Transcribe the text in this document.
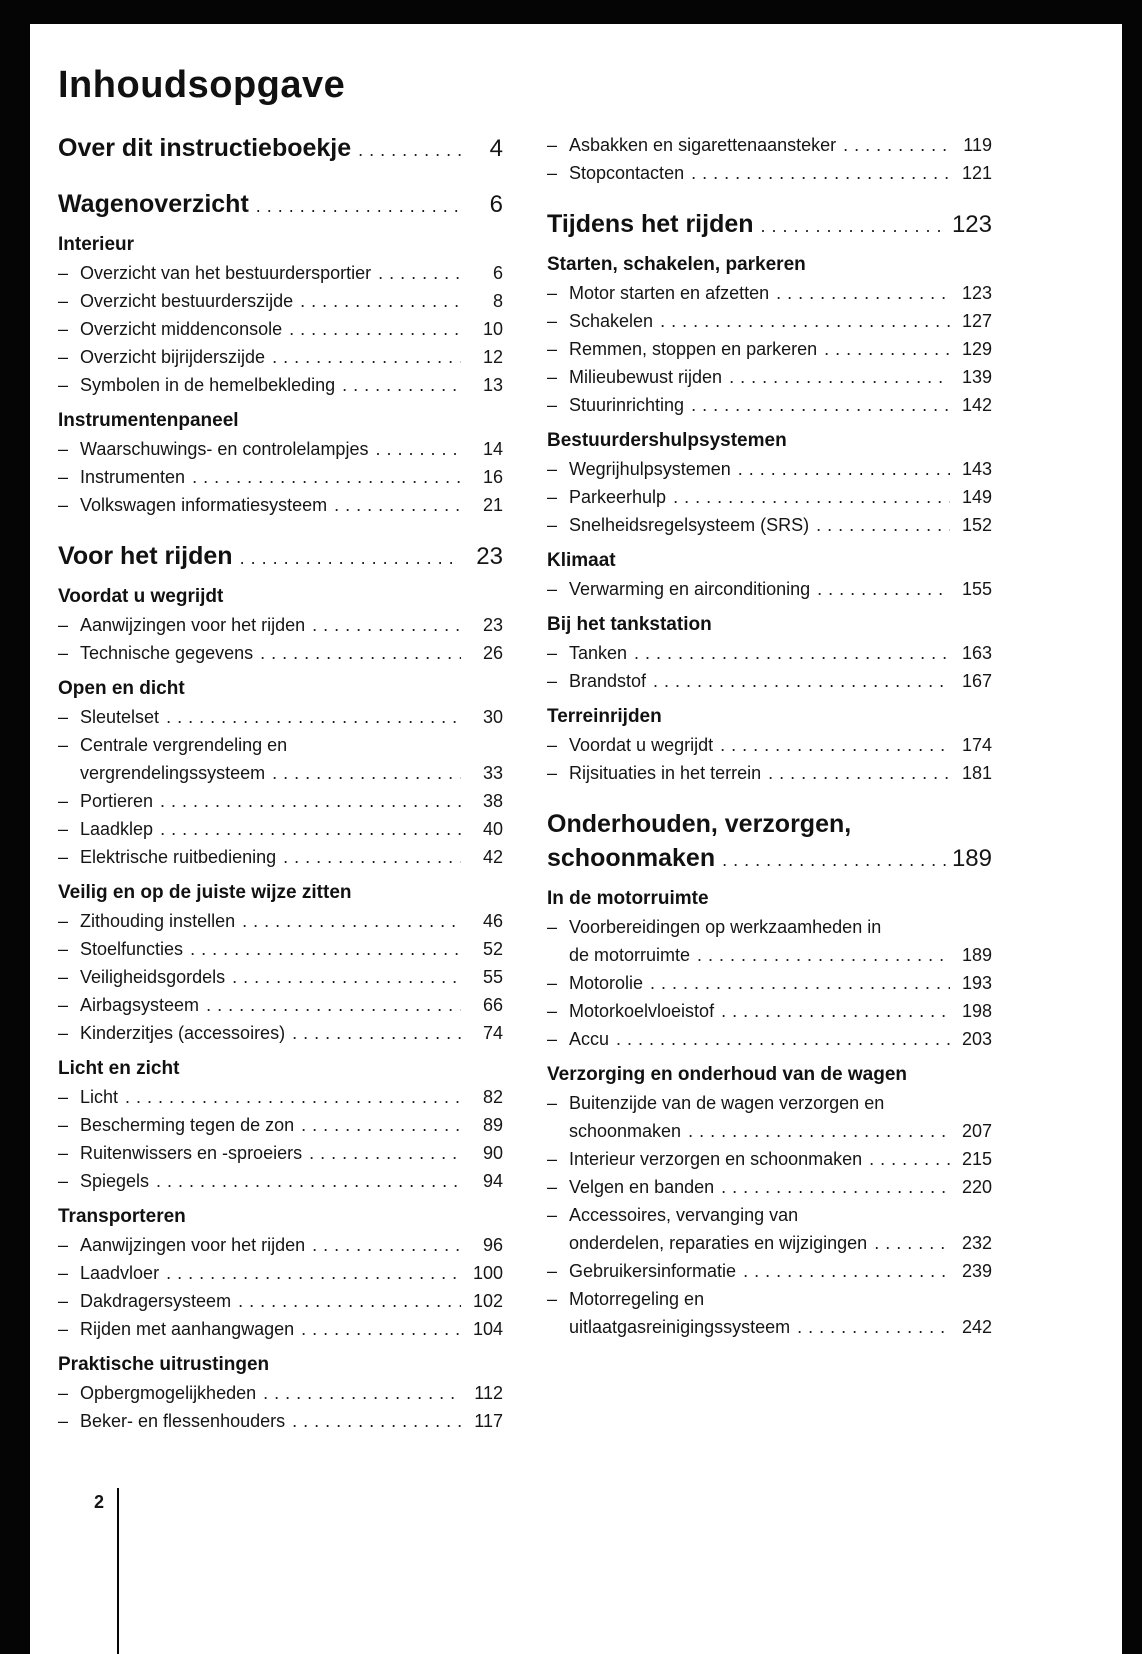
Inhoudsopgave
Over dit instructieboekje .....	4
Wagenoverzicht .....	6
Interieur
– Overzicht van het bestuurdersportier .....	6
– Overzicht bestuurderszijde .....	8
– Overzicht middenconsole .....	10
– Overzicht bijrijderszijde .....	12
– Symbolen in de hemelbekleding .....	13
Instrumentenpaneel
– Waarschuwings- en controlelampjes .....	14
– Instrumenten .....	16
– Volkswagen informatiesysteem .....	21
Voor het rijden .....	23
Voordat u wegrijdt
– Aanwijzingen voor het rijden .....	23
– Technische gegevens .....	26
Open en dicht
– Sleutelset .....	30
– Centrale vergrendeling en
vergrendelingssysteem .....	33
– Portieren .....	38
– Laadklep .....	40
– Elektrische ruitbediening .....	42
Veilig en op de juiste wijze zitten
– Zithouding instellen .....	46
– Stoelfuncties .....	52
– Veiligheidsgordels .....	55
– Airbagsysteem .....	66
– Kinderzitjes (accessoires) .....	74
Licht en zicht
– Licht .....	82
– Bescherming tegen de zon .....	89
– Ruitenwissers en -sproeiers .....	90
– Spiegels .....	94
Transporteren
– Aanwijzingen voor het rijden .....	96
– Laadvloer .....	100
– Dakdragersysteem .....	102
– Rijden met aanhangwagen .....	104
Praktische uitrustingen
– Opbergmogelijkheden .....	112
– Beker- en flessenhouders .....	117
– Asbakken en sigarettenaansteker .....	119
– Stopcontacten .....	121
Tijdens het rijden .....	123
Starten, schakelen, parkeren
– Motor starten en afzetten .....	123
– Schakelen .....	127
– Remmen, stoppen en parkeren .....	129
– Milieubewust rijden .....	139
– Stuurinrichting .....	142
Bestuurdershulpsystemen
– Wegrijhulpsystemen .....	143
– Parkeerhulp .....	149
– Snelheidsregelsysteem (SRS) .....	152
Klimaat
– Verwarming en airconditioning .....	155
Bij het tankstation
– Tanken .....	163
– Brandstof .....	167
Terreinrijden
– Voordat u wegrijdt .....	174
– Rijsituaties in het terrein .....	181
Onderhouden, verzorgen,
schoonmaken .....	189
In de motorruimte
– Voorbereidingen op werkzaamheden in
de motorruimte .....	189
– Motorolie .....	193
– Motorkoelvloeistof .....	198
– Accu .....	203
Verzorging en onderhoud van de wagen
– Buitenzijde van de wagen verzorgen en
schoonmaken .....	207
– Interieur verzorgen en schoonmaken .....	215
– Velgen en banden .....	220
– Accessoires, vervanging van
onderdelen, reparaties en wijzigingen .....	232
– Gebruikersinformatie .....	239
– Motorregeling en
uitlaatgasreinigingssysteem .....	242
2
